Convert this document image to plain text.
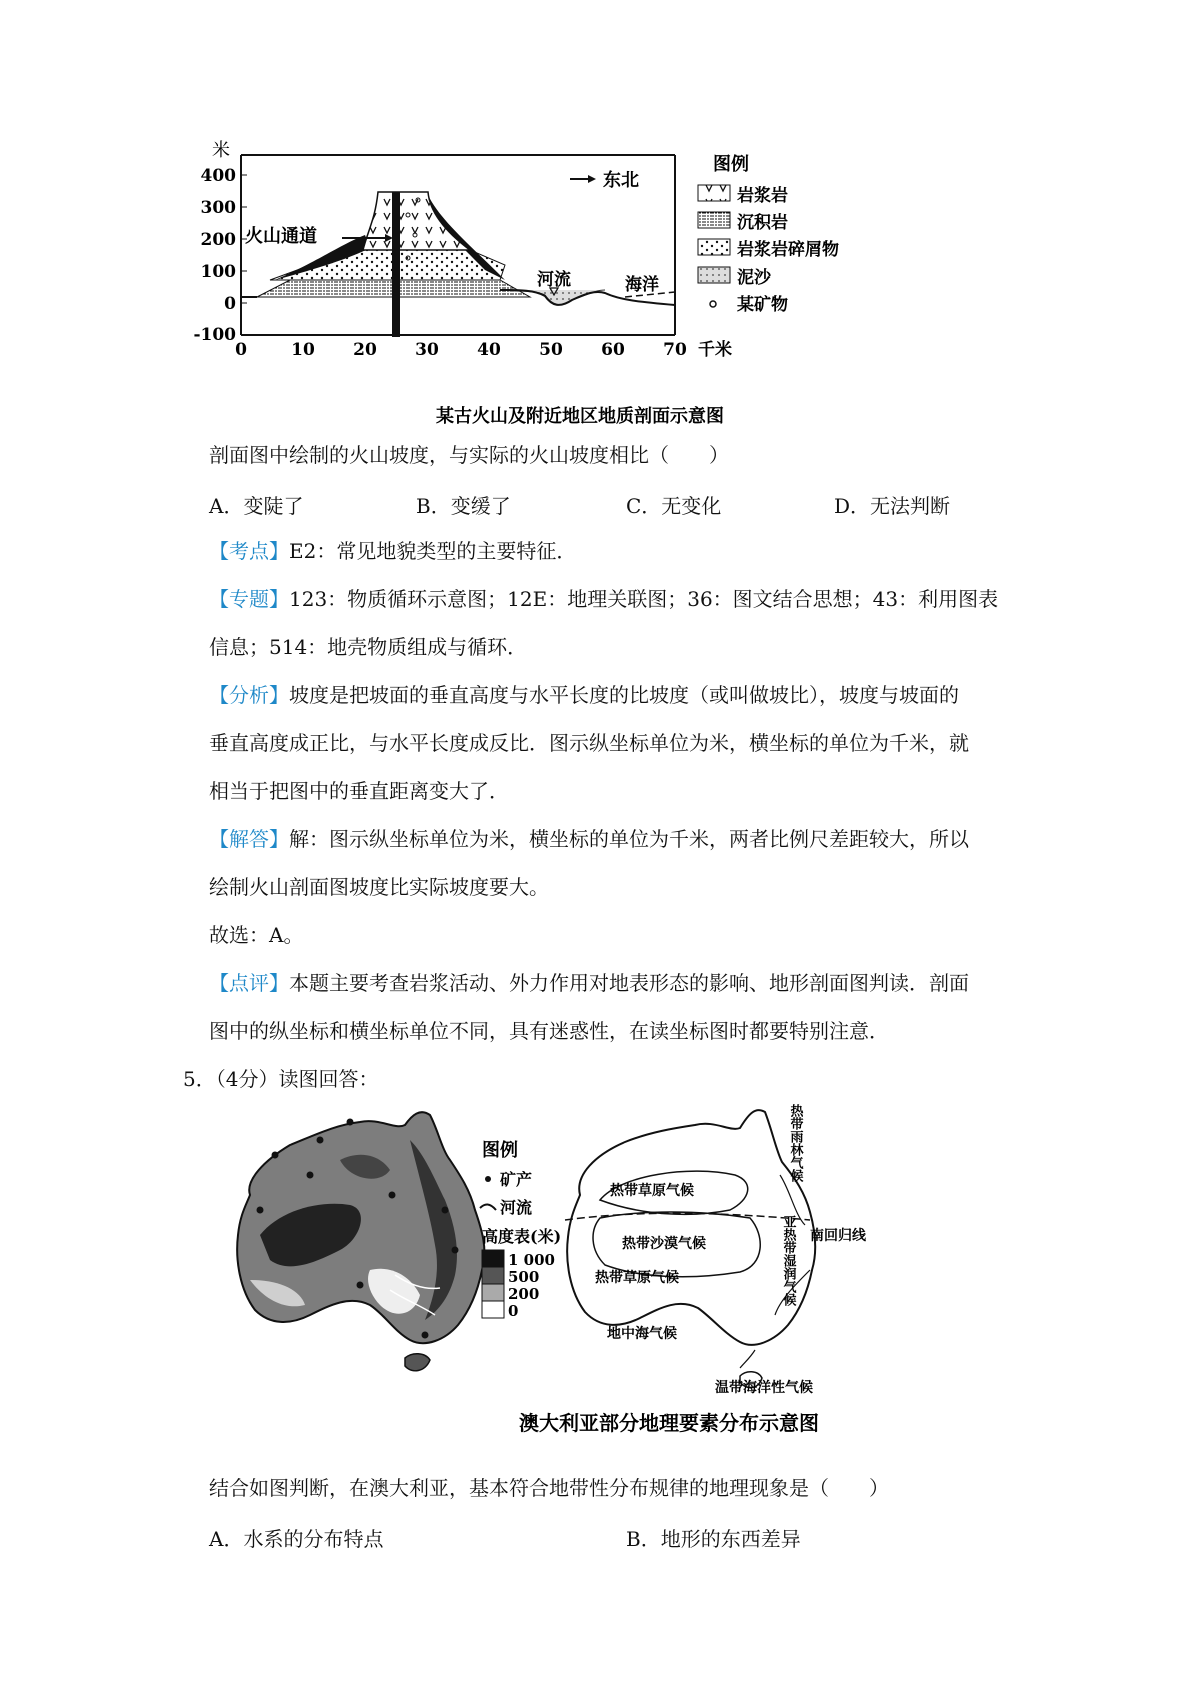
米
400
300
200
100
0
-100
0	10 20 30 40 50 60 70 千米
火山通道
东北
河流	海洋
图例
岩浆岩
沉积岩
岩浆岩碎屑物
泥沙
某矿物
某古火山及附近地区地质剖面示意图
剖面图中绘制的火山坡度，与实际的火山坡度相比（　　）
A．变陡了	B．变缓了	C．无变化	D．无法判断
【考点】E2：常见地貌类型的主要特征．
【专题】123：物质循环示意图；12E：地理关联图；36：图文结合思想；43：利用图表
信息；514：地壳物质组成与循环．
【分析】坡度是把坡面的垂直高度与水平长度的比坡度（或叫做坡比），坡度与坡面的
垂直高度成正比，与水平长度成反比．图示纵坐标单位为米，横坐标的单位为千米，就
相当于把图中的垂直距离变大了．
【解答】解：图示纵坐标单位为米，横坐标的单位为千米，两者比例尺差距较大，所以
绘制火山剖面图坡度比实际坡度要大。
故选：A。
【点评】本题主要考查岩浆活动、外力作用对地表形态的影响、地形剖面图判读．剖面
图中的纵坐标和横坐标单位不同，具有迷惑性，在读坐标图时都要特别注意．
5．（4分）读图回答：
图例
矿产
河流
高度表(米)
1 000
500
200
0
热带草原气候
热带沙漠气候
热带草原气候
地中海气候
温带海洋性气候
南回归线
热带雨林气候
亚热带湿润气候
澳大利亚部分地理要素分布示意图
结合如图判断，在澳大利亚，基本符合地带性分布规律的地理现象是（　　）
A．水系的分布特点	B．地形的东西差异
